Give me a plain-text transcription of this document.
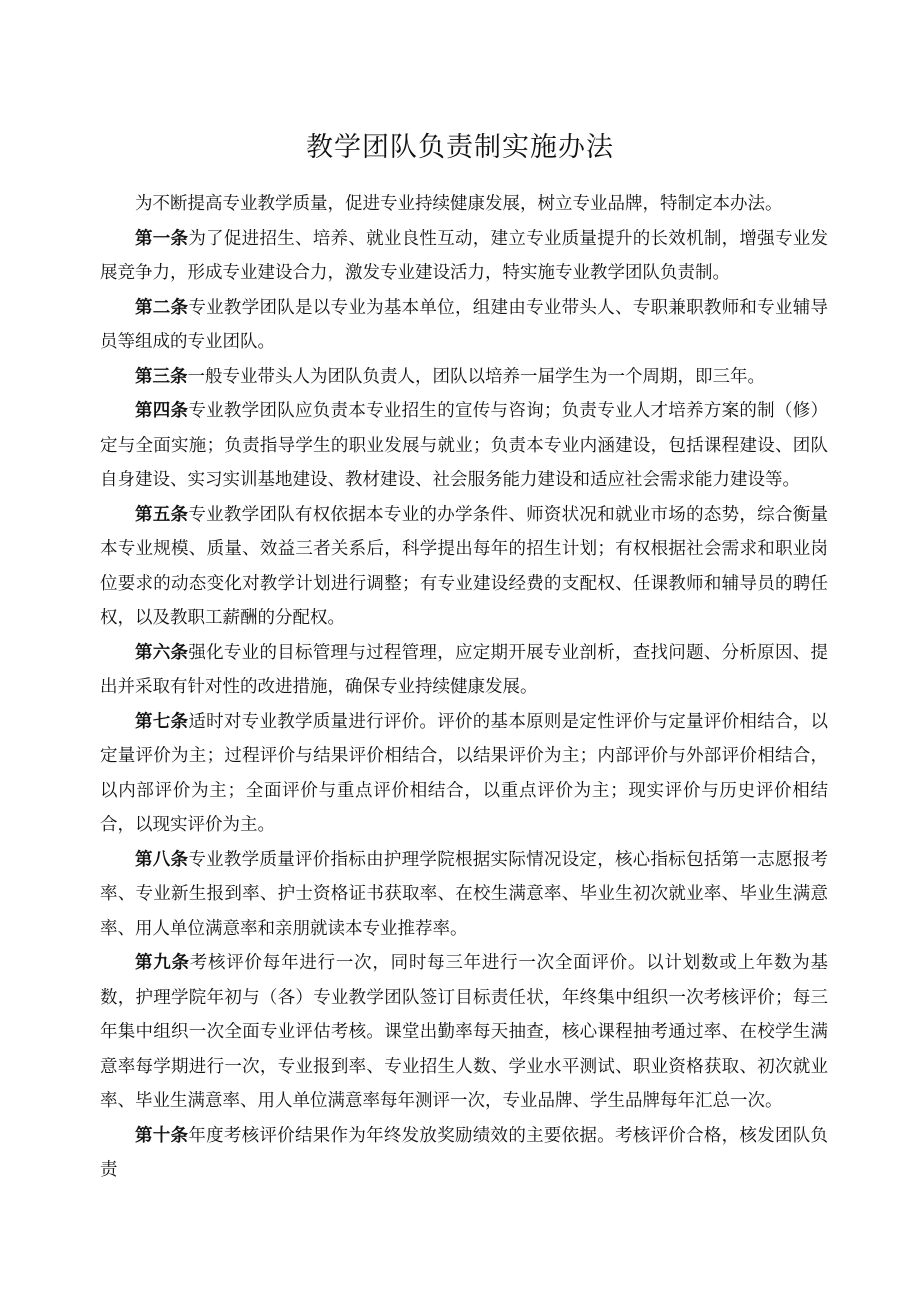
教学团队负责制实施办法

为不断提高专业教学质量，促进专业持续健康发展，树立专业品牌，特制定本办法。

第一条为了促进招生、培养、就业良性互动，建立专业质量提升的长效机制，增强专业发展竞争力，形成专业建设合力，激发专业建设活力，特实施专业教学团队负责制。

第二条专业教学团队是以专业为基本单位，组建由专业带头人、专职兼职教师和专业辅导员等组成的专业团队。

第三条一般专业带头人为团队负责人，团队以培养一届学生为一个周期，即三年。

第四条专业教学团队应负责本专业招生的宣传与咨询；负责专业人才培养方案的制（修）定与全面实施；负责指导学生的职业发展与就业；负责本专业内涵建设，包括课程建设、团队自身建设、实习实训基地建设、教材建设、社会服务能力建设和适应社会需求能力建设等。

第五条专业教学团队有权依据本专业的办学条件、师资状况和就业市场的态势，综合衡量本专业规模、质量、效益三者关系后，科学提出每年的招生计划；有权根据社会需求和职业岗位要求的动态变化对教学计划进行调整；有专业建设经费的支配权、任课教师和辅导员的聘任权，以及教职工薪酬的分配权。

第六条强化专业的目标管理与过程管理，应定期开展专业剖析，查找问题、分析原因、提出并采取有针对性的改进措施，确保专业持续健康发展。

第七条适时对专业教学质量进行评价。评价的基本原则是定性评价与定量评价相结合，以定量评价为主；过程评价与结果评价相结合，以结果评价为主；内部评价与外部评价相结合，以内部评价为主；全面评价与重点评价相结合，以重点评价为主；现实评价与历史评价相结合，以现实评价为主。

第八条专业教学质量评价指标由护理学院根据实际情况设定，核心指标包括第一志愿报考率、专业新生报到率、护士资格证书获取率、在校生满意率、毕业生初次就业率、毕业生满意率、用人单位满意率和亲朋就读本专业推荐率。

第九条考核评价每年进行一次，同时每三年进行一次全面评价。以计划数或上年数为基数，护理学院年初与（各）专业教学团队签订目标责任状，年终集中组织一次考核评价；每三年集中组织一次全面专业评估考核。课堂出勤率每天抽查，核心课程抽考通过率、在校学生满意率每学期进行一次，专业报到率、专业招生人数、学业水平测试、职业资格获取、初次就业率、毕业生满意率、用人单位满意率每年测评一次，专业品牌、学生品牌每年汇总一次。

第十条年度考核评价结果作为年终发放奖励绩效的主要依据。考核评价合格，核发团队负责
